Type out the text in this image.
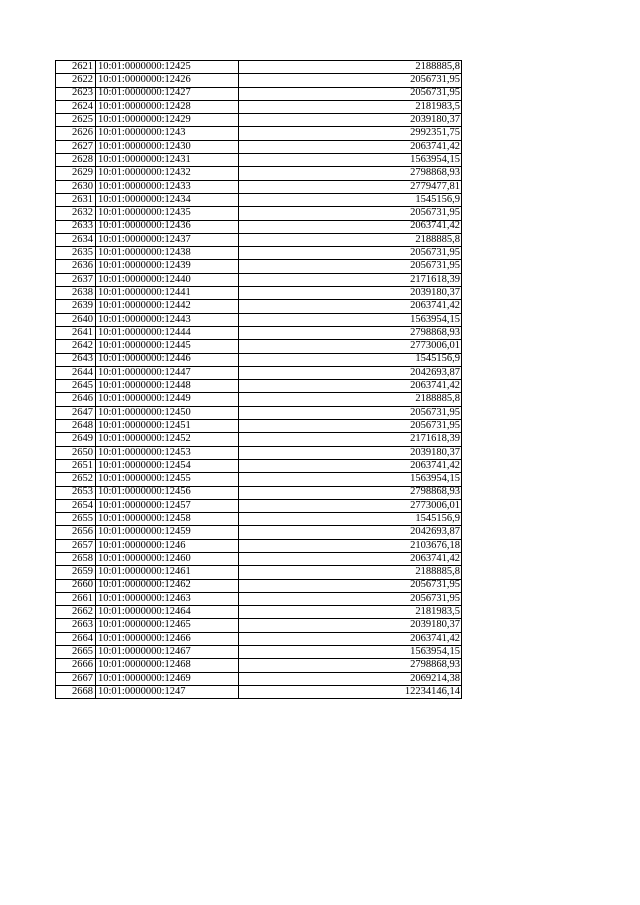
2621	10:01:0000000:12425	2188885,8
2622	10:01:0000000:12426	2056731,95
2623	10:01:0000000:12427	2056731,95
2624	10:01:0000000:12428	2181983,5
2625	10:01:0000000:12429	2039180,37
2626	10:01:0000000:1243	2992351,75
2627	10:01:0000000:12430	2063741,42
2628	10:01:0000000:12431	1563954,15
2629	10:01:0000000:12432	2798868,93
2630	10:01:0000000:12433	2779477,81
2631	10:01:0000000:12434	1545156,9
2632	10:01:0000000:12435	2056731,95
2633	10:01:0000000:12436	2063741,42
2634	10:01:0000000:12437	2188885,8
2635	10:01:0000000:12438	2056731,95
2636	10:01:0000000:12439	2056731,95
2637	10:01:0000000:12440	2171618,39
2638	10:01:0000000:12441	2039180,37
2639	10:01:0000000:12442	2063741,42
2640	10:01:0000000:12443	1563954,15
2641	10:01:0000000:12444	2798868,93
2642	10:01:0000000:12445	2773006,01
2643	10:01:0000000:12446	1545156,9
2644	10:01:0000000:12447	2042693,87
2645	10:01:0000000:12448	2063741,42
2646	10:01:0000000:12449	2188885,8
2647	10:01:0000000:12450	2056731,95
2648	10:01:0000000:12451	2056731,95
2649	10:01:0000000:12452	2171618,39
2650	10:01:0000000:12453	2039180,37
2651	10:01:0000000:12454	2063741,42
2652	10:01:0000000:12455	1563954,15
2653	10:01:0000000:12456	2798868,93
2654	10:01:0000000:12457	2773006,01
2655	10:01:0000000:12458	1545156,9
2656	10:01:0000000:12459	2042693,87
2657	10:01:0000000:1246	2103676,18
2658	10:01:0000000:12460	2063741,42
2659	10:01:0000000:12461	2188885,8
2660	10:01:0000000:12462	2056731,95
2661	10:01:0000000:12463	2056731,95
2662	10:01:0000000:12464	2181983,5
2663	10:01:0000000:12465	2039180,37
2664	10:01:0000000:12466	2063741,42
2665	10:01:0000000:12467	1563954,15
2666	10:01:0000000:12468	2798868,93
2667	10:01:0000000:12469	2069214,38
2668	10:01:0000000:1247	12234146,14
